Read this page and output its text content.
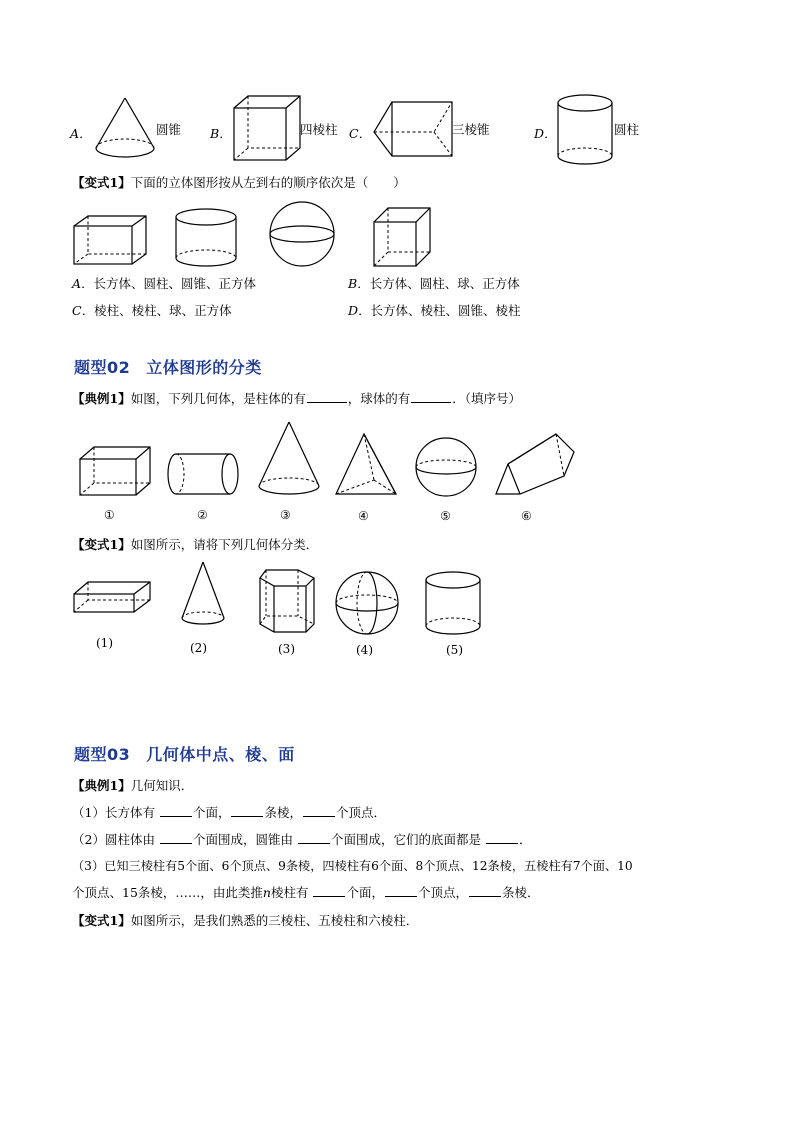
A．	圆锥 B．	四棱柱 C．	三棱锥	D．	圆柱
【变式1】下面的立体图形按从左到右的顺序依次是（　　）
A．长方体、圆柱、圆锥、正方体	B．长方体、圆柱、球、正方体
C．棱柱、棱柱、球、正方体	D．长方体、棱柱、圆锥、棱柱
题型02 立体图形的分类
【典例1】如图，下列几何体，是柱体的有	，球体的有	．（填序号）
①	②	③	④	⑤	⑥
【变式1】如图所示，请将下列几何体分类．
(1)	(2)	(3)	(4)	(5)
题型03 几何体中点、棱、面
【典例1】几何知识．
（1）长方体有	个面，	条棱，	个顶点．
（2）圆柱体由	个面围成，圆锥由	个面围成，它们的底面都是	．
（3）已知三棱柱有5个面、6个顶点、9条棱，四棱柱有6个面、8个顶点、12条棱，五棱柱有7个面、10
个顶点、15条棱，……，由此类推n棱柱有	个面，	个顶点，	条棱．
【变式1】如图所示，是我们熟悉的三棱柱、五棱柱和六棱柱．
